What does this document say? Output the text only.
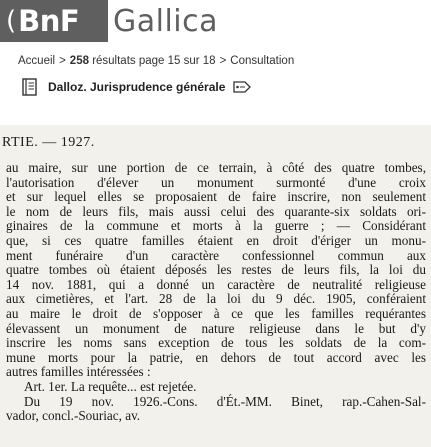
( BnF Gallica
Accueil > 258 résultats page 15 sur 18 > Consultation
Dalloz. Jurisprudence générale
RTIE. — 1927.
au maire, sur une portion de ce terrain, à côté des quatre tombes,
l'autorisation d'élever un monument surmonté d'une croix
et sur lequel elles se proposaient de faire inscrire, non seulement
le nom de leurs fils, mais aussi celui des quarante-six soldats ori-
ginaires de la commune et morts à la guerre ; — Considérant
que, si ces quatre familles étaient en droit d'ériger un monu-
ment funéraire d'un caractère confessionnel commun aux
quatre tombes où étaient déposés les restes de leurs fils, la loi du
14 nov. 1881, qui a donné un caractère de neutralité religieuse
aux cimetières, et l'art. 28 de la loi du 9 déc. 1905, conféraient
au maire le droit de s'opposer à ce que les familles requérantes
élevassent un monument de nature religieuse dans le but d'y
inscrire les noms sans exception de tous les soldats de la com-
mune morts pour la patrie, en dehors de tout accord avec les
autres familles intéressées :
Art. 1er. La requête... est rejetée.
Du 19 nov. 1926.-Cons. d'Ét.-MM. Binet, rap.-Cahen-Sal-
vador, concl.-Souriac, av.
